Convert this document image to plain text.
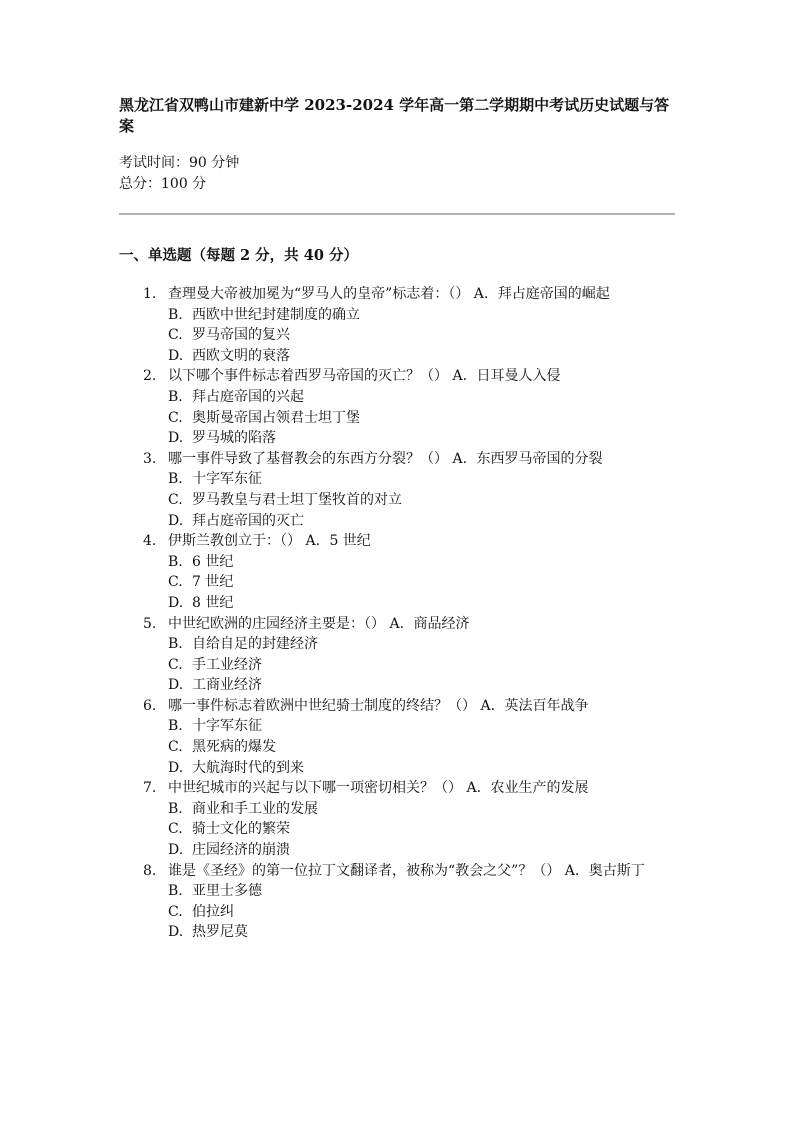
黑龙江省双鸭山市建新中学 2023-2024 学年高一第二学期期中考试历史试题与答案
考试时间：90 分钟
总分：100 分
一、单选题（每题 2 分，共 40 分）
1. 查理曼大帝被加冕为“罗马人的皇帝”标志着：（） A. 拜占庭帝国的崛起
B. 西欧中世纪封建制度的确立
C. 罗马帝国的复兴
D. 西欧文明的衰落
2. 以下哪个事件标志着西罗马帝国的灭亡？（） A. 日耳曼人入侵
B. 拜占庭帝国的兴起
C. 奥斯曼帝国占领君士坦丁堡
D. 罗马城的陷落
3. 哪一事件导致了基督教会的东西方分裂？（） A. 东西罗马帝国的分裂
B. 十字军东征
C. 罗马教皇与君士坦丁堡牧首的对立
D. 拜占庭帝国的灭亡
4. 伊斯兰教创立于：（） A. 5 世纪
B. 6 世纪
C. 7 世纪
D. 8 世纪
5. 中世纪欧洲的庄园经济主要是：（） A. 商品经济
B. 自给自足的封建经济
C. 手工业经济
D. 工商业经济
6. 哪一事件标志着欧洲中世纪骑士制度的终结？（） A. 英法百年战争
B. 十字军东征
C. 黑死病的爆发
D. 大航海时代的到来
7. 中世纪城市的兴起与以下哪一项密切相关？（） A. 农业生产的发展
B. 商业和手工业的发展
C. 骑士文化的繁荣
D. 庄园经济的崩溃
8. 谁是《圣经》的第一位拉丁文翻译者，被称为“教会之父”？（） A. 奥古斯丁
B. 亚里士多德
C. 伯拉纠
D. 热罗尼莫
